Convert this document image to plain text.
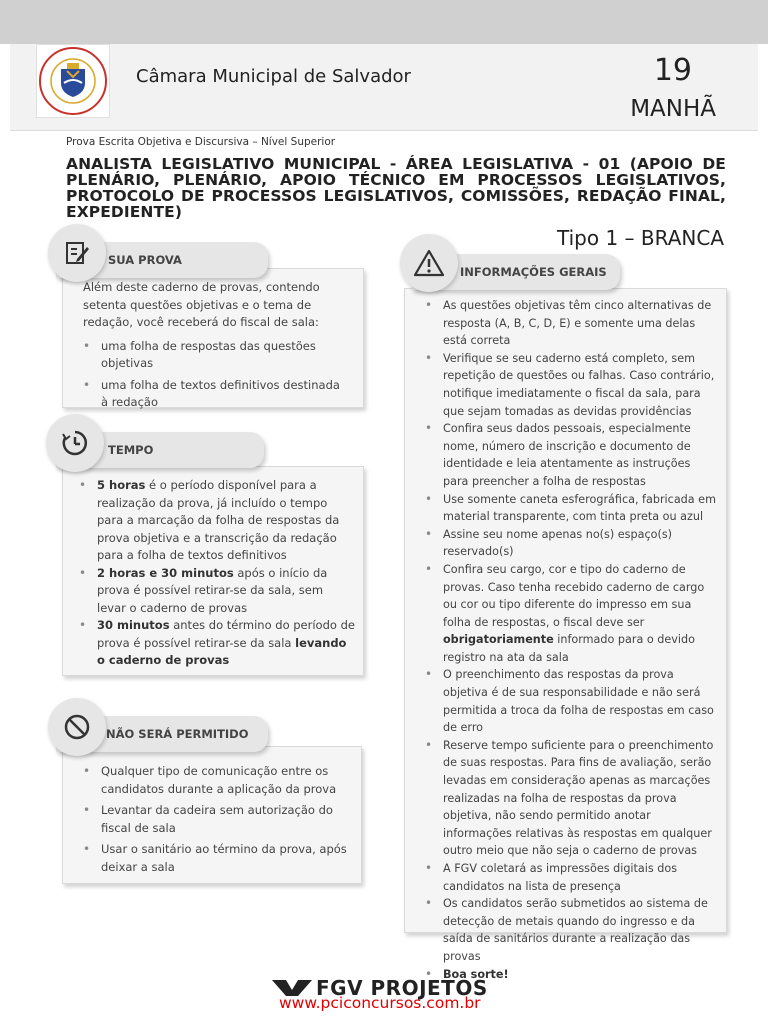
Câmara Municipal de Salvador	19
MANHÃ
Prova Escrita Objetiva e Discursiva – Nível Superior
ANALISTA LEGISLATIVO MUNICIPAL - ÁREA LEGISLATIVA - 01 (APOIO DE PLENÁRIO, PLENÁRIO, APOIO TÉCNICO EM PROCESSOS LEGISLATIVOS, PROTOCOLO DE PROCESSOS LEGISLATIVOS, COMISSÕES, REDAÇÃO FINAL, EXPEDIENTE)
Tipo 1 – BRANCA
Além deste caderno de provas, contendo setenta questões objetivas e o tema de redação, você receberá do fiscal de sala:
• uma folha de respostas das questões objetivas
• uma folha de textos definitivos destinada à redação
SUA PROVA
• 5 horas é o período disponível para a realização da prova, já incluído o tempo para a marcação da folha de respostas da prova objetiva e a transcrição da redação para a folha de textos definitivos
• 2 horas e 30 minutos após o início da prova é possível retirar-se da sala, sem levar o caderno de provas
• 30 minutos antes do término do período de prova é possível retirar-se da sala levando o caderno de provas
TEMPO
• Qualquer tipo de comunicação entre os candidatos durante a aplicação da prova
• Levantar da cadeira sem autorização do fiscal de sala
• Usar o sanitário ao término da prova, após deixar a sala
NÃO SERÁ PERMITIDO
• As questões objetivas têm cinco alternativas de resposta (A, B, C, D, E) e somente uma delas está correta
• Verifique se seu caderno está completo, sem repetição de questões ou falhas. Caso contrário, notifique imediatamente o fiscal da sala, para que sejam tomadas as devidas providências
• Confira seus dados pessoais, especialmente nome, número de inscrição e documento de identidade e leia atentamente as instruções para preencher a folha de respostas
• Use somente caneta esferográfica, fabricada em material transparente, com tinta preta ou azul
• Assine seu nome apenas no(s) espaço(s) reservado(s)
• Confira seu cargo, cor e tipo do caderno de provas. Caso tenha recebido caderno de cargo ou cor ou tipo diferente do impresso em sua folha de respostas, o fiscal deve ser obrigatoriamente informado para o devido registro na ata da sala
• O preenchimento das respostas da prova objetiva é de sua responsabilidade e não será permitida a troca da folha de respostas em caso de erro
• Reserve tempo suficiente para o preenchimento de suas respostas. Para fins de avaliação, serão levadas em consideração apenas as marcações realizadas na folha de respostas da prova objetiva, não sendo permitido anotar informações relativas às respostas em qualquer outro meio que não seja o caderno de provas
• A FGV coletará as impressões digitais dos candidatos na lista de presença
• Os candidatos serão submetidos ao sistema de detecção de metais quando do ingresso e da saída de sanitários durante a realização das provas
• Boa sorte!
INFORMAÇÕES GERAIS
FGV PROJETOS
www.pciconcursos.com.br
